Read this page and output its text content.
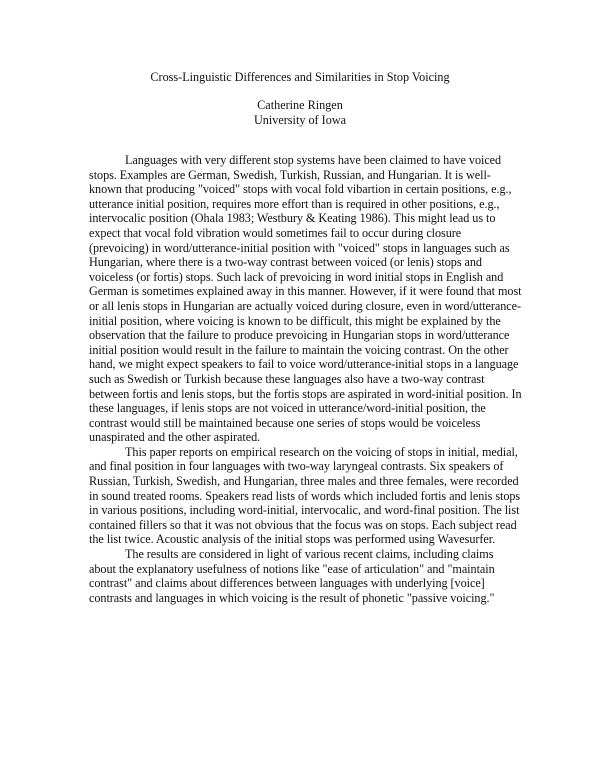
Cross-Linguistic Differences and Similarities in Stop Voicing
Catherine Ringen
University of Iowa
Languages with very different stop systems have been claimed to have voiced
stops. Examples are German, Swedish, Turkish, Russian, and Hungarian. It is well-
known that producing "voiced" stops with vocal fold vibartion in certain positions, e.g.,
utterance initial position, requires more effort than is required in other positions, e.g.,
intervocalic position (Ohala 1983; Westbury & Keating 1986). This might lead us to
expect that vocal fold vibration would sometimes fail to occur during closure
(prevoicing) in word/utterance-initial position with "voiced" stops in languages such as
Hungarian, where there is a two-way contrast between voiced (or lenis) stops and
voiceless (or fortis) stops. Such lack of prevoicing in word initial stops in English and
German is sometimes explained away in this manner. However, if it were found that most
or all lenis stops in Hungarian are actually voiced during closure, even in word/utterance-
initial position, where voicing is known to be difficult, this might be explained by the
observation that the failure to produce prevoicing in Hungarian stops in word/utterance
initial position would result in the failure to maintain the voicing contrast. On the other
hand, we might expect speakers to fail to voice word/utterance-initial stops in a language
such as Swedish or Turkish because these languages also have a two-way contrast
between fortis and lenis stops, but the fortis stops are aspirated in word-initial position. In
these languages, if lenis stops are not voiced in utterance/word-initial position, the
contrast would still be maintained because one series of stops would be voiceless
unaspirated and the other aspirated.
This paper reports on empirical research on the voicing of stops in initial, medial,
and final position in four languages with two-way laryngeal contrasts. Six speakers of
Russian, Turkish, Swedish, and Hungarian, three males and three females, were recorded
in sound treated rooms. Speakers read lists of words which included fortis and lenis stops
in various positions, including word-initial, intervocalic, and word-final position. The list
contained fillers so that it was not obvious that the focus was on stops. Each subject read
the list twice. Acoustic analysis of the initial stops was performed using Wavesurfer.
The results are considered in light of various recent claims, including claims
about the explanatory usefulness of notions like "ease of articulation" and "maintain
contrast" and claims about differences between languages with underlying [voice]
contrasts and languages in which voicing is the result of phonetic "passive voicing."
